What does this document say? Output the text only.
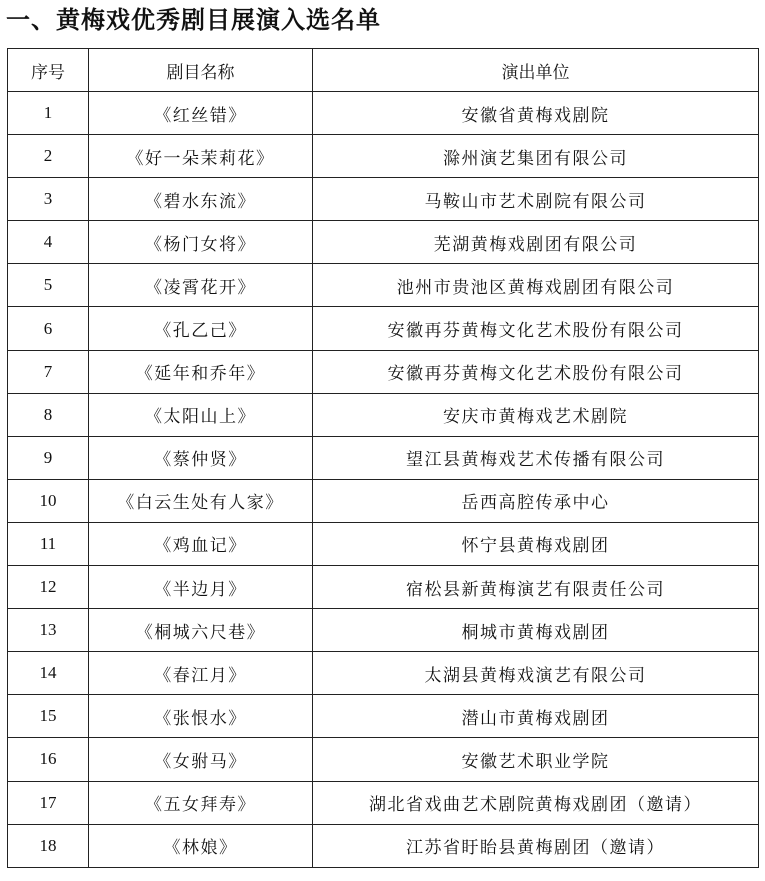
一、黄梅戏优秀剧目展演入选名单
序号	剧目名称	演出单位
1	《红丝错》	安徽省黄梅戏剧院
2	《好一朵茉莉花》	滁州演艺集团有限公司
3	《碧水东流》	马鞍山市艺术剧院有限公司
4	《杨门女将》	芜湖黄梅戏剧团有限公司
5	《凌霄花开》	池州市贵池区黄梅戏剧团有限公司
6	《孔乙己》	安徽再芬黄梅文化艺术股份有限公司
7	《延年和乔年》	安徽再芬黄梅文化艺术股份有限公司
8	《太阳山上》	安庆市黄梅戏艺术剧院
9	《蔡仲贤》	望江县黄梅戏艺术传播有限公司
10	《白云生处有人家》	岳西高腔传承中心
11	《鸡血记》	怀宁县黄梅戏剧团
12	《半边月》	宿松县新黄梅演艺有限责任公司
13	《桐城六尺巷》	桐城市黄梅戏剧团
14	《春江月》	太湖县黄梅戏演艺有限公司
15	《张恨水》	潜山市黄梅戏剧团
16	《女驸马》	安徽艺术职业学院
17	《五女拜寿》	湖北省戏曲艺术剧院黄梅戏剧团（邀请）
18	《林娘》	江苏省盱眙县黄梅剧团（邀请）
